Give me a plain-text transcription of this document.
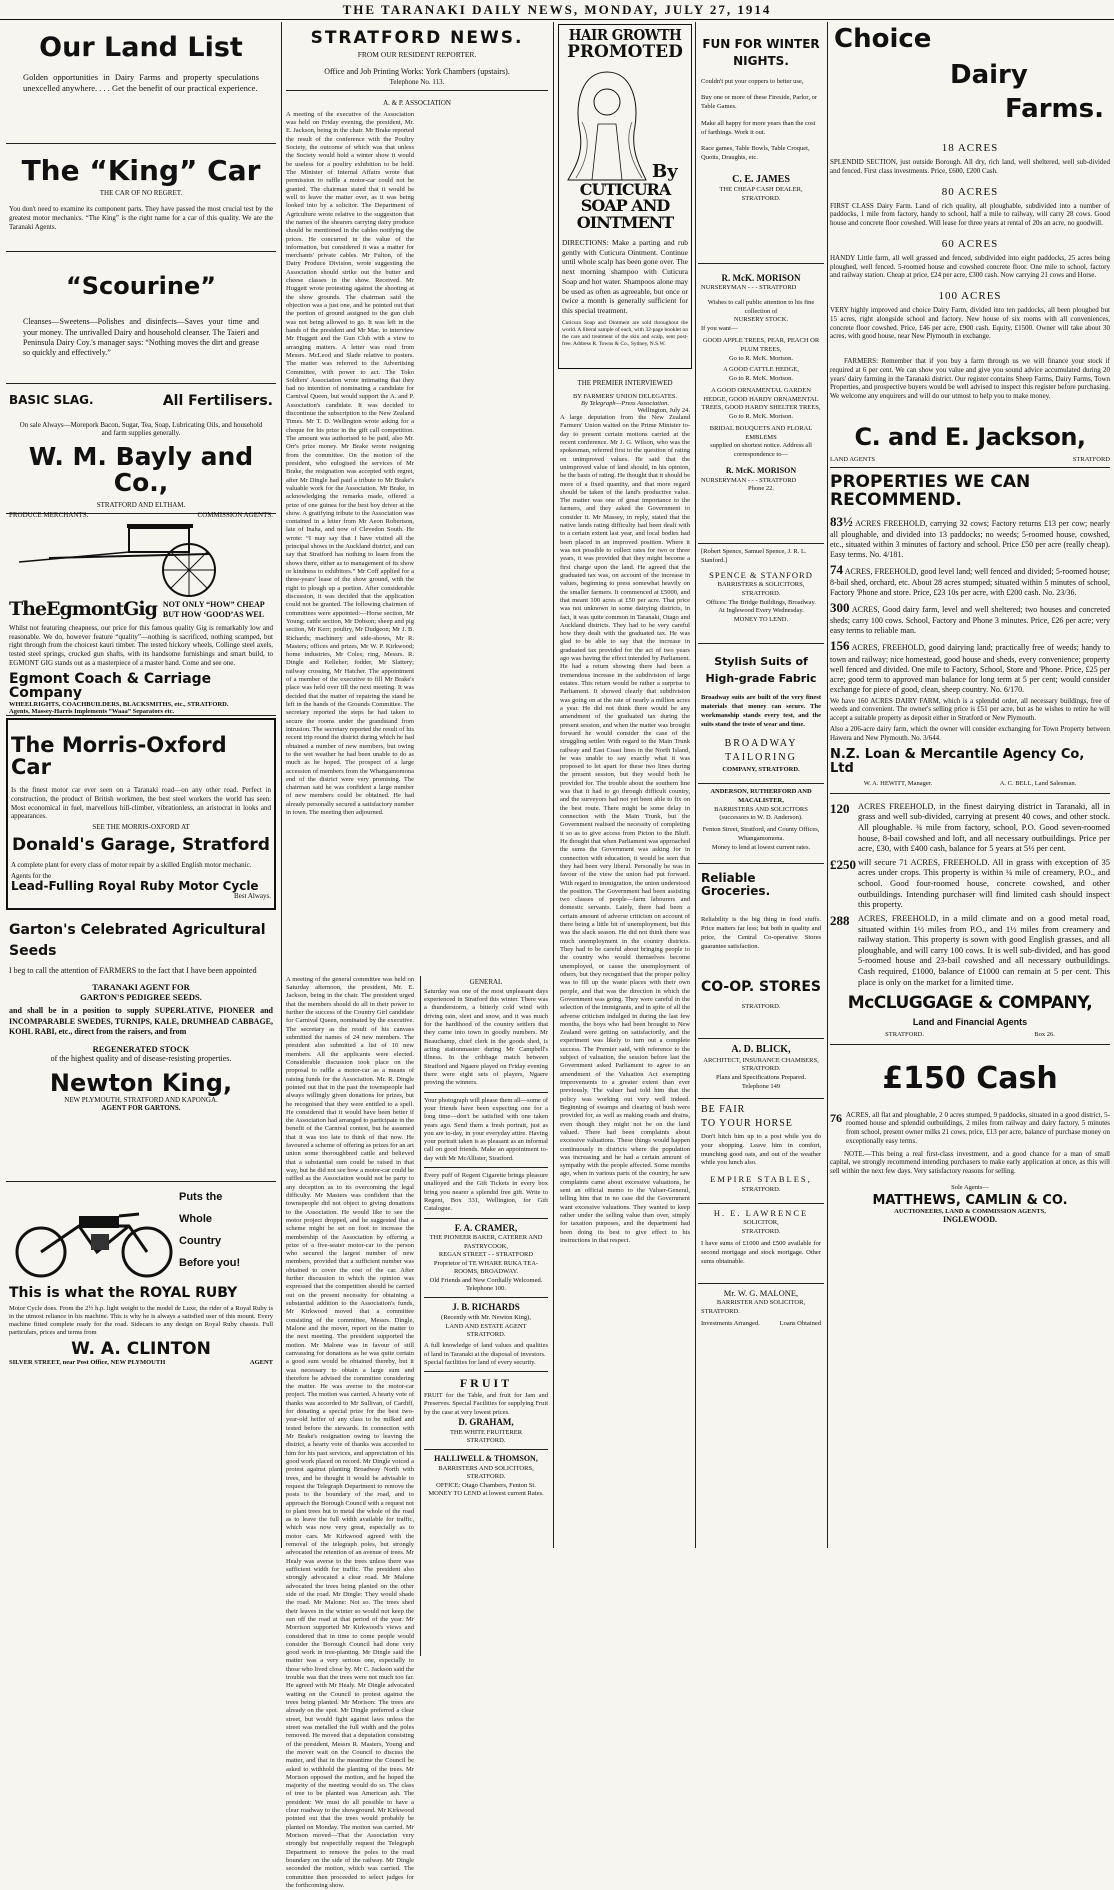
THE TARANAKI DAILY NEWS, MONDAY, JULY 27, 1914
Our Land List
Golden opportunities in Dairy Farms and property speculations unexcelled anywhere. . . . Get the benefit of our practical experience.
The “King” Car
THE CAR OF NO REGRET.
You don't need to examine its component parts. They have passed the most crucial test by the greatest motor mechanics. “The King” is the right name for a car of this quality. We are the Taranaki Agents.
“Scourine”
Cleanses—Sweetens—Polishes and disinfects—Saves your time and your money. The unrivalled Dairy and household cleanser. The Taieri and Peninsula Dairy Coy.'s manager says: “Nothing moves the dirt and grease so quickly and effectively.”
BASIC SLAG.	All Fertilisers.
On sale Always—Morepork Bacon, Sugar, Tea, Soap, Lubricating Oils, and household and farm supplies generally.
W. M. Bayly and Co.,
STRATFORD AND ELTHAM.
PRODUCE MERCHANTS.	COMMISSION AGENTS.
TheEgmontGig NOT ONLY “HOW” CHEAP
BUT HOW ‘GOOD’AS WEL
Whilst not featuring cheapness, our price for this famous quality Gig is remarkably low and reasonable. We do, however feature “quality”—nothing is sacrificed, nothing scamped, but right through from the choicest kauri timber. The tested hickory wheels, Collinge steel axels, tested steel springs, crucked gun shafts, with its handsome furnishings and smart build, to EGMONT GIG stands out as a masterpiece of a master hand. Come and see one.
Egmont Coach & Carriage Company
WHEELRIGHTS, COACHBUILDERS, BLACKSMITHS, etc., STRATFORD.
Agents, Massey-Harris Implements “Waaa” Separators etc.
The Morris-Oxford Car
Is the finest motor car ever seen on a Taranaki road—on any other road. Perfect in construction, the product of British workmen, the best steel workers the world has seen. Most economical in fuel, marvellous hill-climber, vibrationless, an aristocrat in looks and appearances.
SEE THE MORRIS-OXFORD AT
Donald's Garage, Stratford
A complete plant for every class of motor repair by a skilled English motor mechanic.
Agents for the
Lead-Fulling Royal Ruby Motor Cycle
Best Always.
Garton's Celebrated Agricultural Seeds
I beg to call the attention of FARMERS to the fact that I have been appointed
TARANAKI AGENT FOR
GARTON'S PEDIGREE SEEDS.
and shall be in a position to supply SUPERLATIVE, PIONEER and INCOMPARABLE SWEDES, TURNIPS, KALE, DRUMHEAD CABBAGE, KOHL RABI, etc., direct from the raisers, and from
REGENERATED STOCK
of the highest quality and of disease-resisting properties.
Newton King,
NEW PLYMOUTH, STRATFORD AND KAPONGA.
AGENT FOR GARTONS.
Puts the
Whole
Country
Before you!
This is what the ROYAL RUBY
Motor Cycle does. From the 2½ h.p. light weight to the model de Luxe, the rider of a Royal Ruby is in the utmost reliance in his machine. This is why he is always a satisfied user of this mount. Every machine fitted complete ready for the road. Sidecars to any design on Royal Ruby chassis. Full particulars, prices and terms from
W. A. CLINTON
SILVER STREET, near Post Office, NEW PLYMOUTH	AGENT
STRATFORD NEWS.
FROM OUR RESIDENT REPORTER.
Office and Job Printing Works: York Chambers (upstairs).
Telephone No. 113.
A. & P. ASSOCIATION
A meeting of the executive of the Association was held on Friday evening, the president, Mr. E. Jackson, being in the chair. Mr Brake reported the result of the conference with the Poultry Society, the outcome of which was that unless the Society would hold a winter show it would be useless for a poultry exhibition to be held. The Minister of Internal Affairs wrote that permission to raffle a motor-car could not be granted. The chairman stated that it would be well to leave the matter over, as it was being looked into by a solicitor. The Department of Agriculture wrote relative to the suggestion that the names of the shearers carrying dairy produce should be mentioned in the cables notifying the prices. He concurred in the value of the information, but considered it was a matter for merchants' private cables. Mr Fulton, of the Dairy Produce Division, wrote suggesting the Association should strike out the butter and cheese classes in the show. Received. Mr Huggett wrote protesting against the shooting at the show grounds. The chairman said the objection was a just one, and he pointed out that the portion of ground assigned to the gun club was not being allowed to go. It was left in the hands of the president and Mr Mac. to interview Mr Huggett and the Gun Club with a view to arranging matters. A letter was read from Messrs. McLeod and Slade relative to posters. The matter was referred to the Advertising Committee, with power to act. The Toko Soldiers' Association wrote intimating that they had no intention of nominating a candidate for Carnival Queen, but would support the A. and P. Association's candidate. It was decided to discontinue the subscription to the New Zealand Times. Mr T. D. Wellington wrote asking for a cheque for his prize in the gift call competition. The amount was authorised to be paid, also Mr. Orr's prize money. Mr Brake wrote resigning from the committee. On the motion of the president, who eulogised the services of Mr Brake, the resignation was accepted with regret, after Mr Dingle had paid a tribute to Mr Brake's valuable work for the Association. Mr Brake, in acknowledging the remarks made, offered a prize of one guinea for the best boy driver at the show. A gratifying tribute to the Association was contained in a letter from Mr Aeon Robertson, late of Inaha, and now of Clevedon South. He wrote: “I may say that I have visited all the principal shows in the Auckland district, and can say that Stratford has nothing to learn from the shows there, either as to management of its show or kindness to exhibitors.” Mr Coff applied for a three-years' lease of the show ground, with the right to plough up a portion. After considerable discussion, it was decided that the application could not be granted. The following chairmen of committees were appointed:—Horse section, Mr Young; cattle section, Mr Dobson; sheep and pig section, Mr Kerr; poultry, Mr Dudgeon; Mr J. B. Richards; machinery and side-shows, Mr R. Masters; offices and prizes, Mr W. P. Kirkwood; home industries, Mr Coles; ring, Messrs. R. Dingle and Kelleher; fodder, Mr Slattery; railway crossing, Mr Hatcher. The appointment of a member of the executive to fill Mr Brake's place was held over till the next meeting. It was decided that the matter of repairing the stand be left in the hands of the Grounds Committee. The secretary reported the steps he had taken to secure the rooms under the grandstand from intrusion. The secretary reported the result of his recent trip round the district during which he had obtained a number of new members, but owing to the wet weather he had been unable to do as much as he hoped. The prospect of a large accession of members from the Whangamomona end of the district were very promising. The chairman said he was confident a large number of new members could be obtained. He had already personally secured a satisfactory number in town. The meeting then adjourned.
A meeting of the general committee was held on Saturday afternoon, the president, Mr. E. Jackson, being in the chair. The president urged that the members should do all in their power to further the success of the Country Girl candidate for Carnival Queen, nominated by the executive. The secretary as the result of his canvass submitted the names of 24 new members. The president also submitted a list of 10 new members. All the applicants were elected. Considerable discussion took place on the proposal to raffle a motor-car as a means of raising funds for the Association. Mr. R. Dingle pointed out that in the past the townspeople had always willingly given donations for prizes, but he recognised that they were entitled to a spell. He considered that it would have been better if the Association had arranged to participate in the benefit of the Carnival contest, but he assumed that it was too late to think of that now. He favoured a scheme of offering as prizes for an art union some thoroughbred cattle and believed that a substantial sum could be raised in that way, but he did not see how a motor-car could be raffled as the Association would not be party to any deception as to its overcoming the legal difficulty. Mr Masters was confident that the townspeople did not object to giving donations to the Association. He would like to see the motor project dropped, and he suggested that a scheme might be set on foot to increase the membership of the Association by offering a prize of a five-seater motor-car to the person who secured the largest number of new members, provided that a sufficient number was obtained to cover the cost of the car. After further discussion in which the opinion was expressed that the competition should be carried out on the present necessity for obtaining a substantial addition to the Association's funds, Mr Kirkwood moved that a committee consisting of the committee, Messrs. Dingle, Malone and the mover, report on the matter to the next meeting. The president supported the motion. Mr Malone was in favour of still canvassing for donations as he was quite certain a good sum would be obtained thereby, but it was necessary to obtain a large sum and therefore he advised the committee considering the matter. He was averse to the motor-car project. The motion was carried. A hearty vote of thanks was accorded to Mr Sullivan, of Cardiff, for donating a special prize for the best two-year-old heifer of any class to be milked and tested before the stewards. In connection with Mr Brake's resignation owing to leaving the district, a hearty vote of thanks was accorded to him for his past services, and appreciation of his good work placed on record. Mr Dingle voiced a protest against planting Broadway North with trees, and he thought it would be advisable to request the Telegraph Department to remove the posts to the boundary of the road, and to approach the Borough Council with a request not to plant trees but to metal the whole of the road as to leave the full width available for traffic, which was now very great, especially as to motor cars. Mr Kirkwood agreed with the removal of the telegraph poles, but strongly advocated the retention of an avenue of trees. Mr Healy was averse to the trees unless there was sufficient width for traffic. The president also strongly advocated a clear road. Mr Malone advocated the trees being planted on the other side of the road. Mr Dingle: They would shade the road. Mr Malone: Not so. The trees shed their leaves in the winter so would not keep the sun off the road at that period of the year. Mr Morrison supported Mr Kirkwood's views and considered that in time to come people would consider the Borough Council had done very good work in tree-planting. Mr Dingle said the matter was a very serious one, especially to those who lived close by. Mr C. Jackson said the trouble was that the trees were not much too far. He agreed with Mr Healy. Mr Dingle advocated waiting on the Council to protest against the trees being planted. Mr Morison: The trees are already on the spot. Mr Dingle preferred a clear street, but would fight against laws unless the street was metalled the full width and the poles removed. He moved that a deputation consisting of the president, Messrs R. Masters, Young and the mover wait on the Council to discuss the matter, and that in the meantime the Council be asked to withhold the planting of the trees. Mr Morison opposed the motion, and he hoped the majority of the meeting would do so. The class of tree to be planted was American ash. The president: We must do all possible to have a clear roadway to the showground. Mr Kirkwood pointed out that the trees would probably be planted on Monday. The motion was carried. Mr Morison moved—That the Association very strongly but respectfully request the Telegraph Department to remove the poles to the road boundary on the side of the railway. Mr Dingle seconded the motion, which was carried. The committee then proceeded to select judges for the forthcoming show.
GENERAL
Saturday was one of the most unpleasant days experienced in Stratford this winter. There was a thunderstorm, a bitterly cold wind with driving rain, sleet and snow, and it was much for the hardihood of the country settlers that they came into town in goodly numbers. Mr Beauchamp, chief clerk in the goods shed, is acting stationmaster during Mr Campbell's illness. In the cribbage match between Stratford and Ngaere played on Friday evening there were eight sets of players, Ngaere proving the winners.
Your photograph will please them all—some of your friends have been expecting one for a long time—don't be satisfied with one taken years ago. Send them a fresh portrait, just as you are to-day, in your everyday attire. Having your portrait taken is as pleasant as an informal call on good friends. Make an appointment to-day with Mr McAllister, Stratford.
Every puff of Regent Cigarette brings pleasure unalloyed and the Gift Tickets in every box bring you nearer a splendid free gift. Write to Regent, Box 331, Wellington, for Gift Catalogue.
F. A. CRAMER,
THE PIONEER BAKER, CATERER AND PASTRYCOOK,
REGAN STREET - - STRATFORD
Proprietor of TE WHARE RUKA TEA-ROOMS, BROADWAY.
Old Friends and New Cordially Welcomed.
Telephone 100.
J. B. RICHARDS
(Recently with Mr. Newton King),
LAND AND ESTATE AGENT
STRATFORD.
A full knowledge of land values and qualities of land in Taranaki at the disposal of investors.
Special facilities for land of every security.
FRUIT
FRUIT for the Table, and fruit for Jam and Preserves. Special Facilities for supplying Fruit by the case at very lowest prices.
D. GRAHAM,
THE WHITE FRUITERER
STRATFORD.
HALLIWELL & THOMSON,
BARRISTERS AND SOLICITORS, STRATFORD.
OFFICE: Otago Chambers, Fenton St.
MONEY TO LEND at lowest current Rates.
HAIR GROWTH
PROMOTED
By
CUTICURA SOAP AND OINTMENT
DIRECTIONS: Make a parting and rub gently with Cuticura Ointment. Continue until whole scalp has been gone over. The next morning shampoo with Cuticura Soap and hot water. Shampoos alone may be used as often as agreeable, but once or twice a month is generally sufficient for this special treatment.
Cuticura Soap and Ointment are sold throughout the world. A liberal sample of each, with 32-page booklet on the care and treatment of the skin and scalp, sent post-free. Address R. Towns & Co., Sydney, N.S.W.
THE PREMIER INTERVIEWED
BY FARMERS' UNION DELEGATES.
By Telegraph—Press Association.
Wellington, July 24.
A large deputation from the New Zealand Farmers' Union waited on the Prime Minister to-day to present certain motions carried at the recent conference. Mr J. G. Wilson, who was the spokesman, referred first to the question of rating on unimproved values. He said that the unimproved value of land should, in his opinion, be the basis of rating. He thought that it should be more of a fixed quantity, and that more regard should be taken of the land's productive value. The matter was one of great importance to the farmers, and they asked the Government to consider it. Mr Massey, in reply, stated that the native lands rating difficulty had been dealt with to a certain extent last year, and local bodies had been placed in an improved position. Where it was not possible to collect rates for two or three years, it was provided that they might become a first charge upon the land. He agreed that the graduated tax was, on account of the increase in values, beginning to press somewhat heavily on the smaller farmers. It commenced at £5000, and that meant 100 acres at £50 per acre. That price was not unknown in some dairying districts, in fact, it was quite common in Taranaki, Otago and Auckland districts. They had to be very careful how they dealt with the graduated tax. He was glad to be able to say that the increase in graduated tax provided for the act of two years ago was having the effect intended by Parliament. He had a return showing there had been a tremendous increase in the subdivision of large estates. This return would be rather a surprise to Parliament. It showed clearly that subdivision was going on at the rate of nearly a million acres a year. He did not think there would be any amendment of the graduated tax during the present session, and when the matter was brought forward he would consider the case of the struggling settler. With regard to the Main Trunk railway and East Coast lines in the North Island, he was unable to say exactly what it was proposed to let apart for these two lines during the present session, but they would both be provided for. The trouble about the southern line was that it had to go through difficult country, and the surveyors had not yet been able to fix on the best route. There might be some delay in connection with the Main Trunk, but the Government realised the necessity of completing it so as to give access from Picton to the Bluff. He thought that when Parliament was approached the sums the Government was asking for in connection with education, it would be seen that they had been very liberal. Personally he was in favour of the view the union had put forward. With regard to immigration, the union understood the position. The Government had been assisting two classes of people—farm labourers and domestic servants. Lately, there had been a certain amount of adverse criticism on account of there being a little bit of unemployment, but this was the slack season. He did not think there was much unemployment in the country districts. They had to be careful about bringing people to the country who would themselves become unemployed, or cause the unemployment of others, but they recognised that the proper policy was to fill up the waste places with their own people, and that was the direction in which the Government was going. They were careful in the selection of the immigrants, and in spite of all the adverse criticism indulged in during the last few months, the boys who had been brought to New Zealand were getting on satisfactorily, and the experiment was likely to turn out a complete success. The Premier said, with reference to the subject of valuation, the session before last the Government asked Parliament to agree to an amendment of the Valuation Act exempting improvements to a greater extent than ever previously. The valuer had told him that the policy was working out very well indeed. Beginning of swamps and clearing of bush were provided for, as well as making roads and drains, even though they might not be on the land valued. There had been complaints about excessive valuations. These things would happen continuously in districts where the population was increasing and he had a certain amount of sympathy with the people affected. Some months ago, when in various parts of the country, he saw complaints came about excessive valuations, he sent an official memo to the Valuer-General, telling him that in no case did the Government want excessive valuations. They wanted to keep rather under the selling value than over, simply for taxation purposes, and the department had been doing its best to give effect to his instructions in that respect.
FUN FOR WINTER NIGHTS.
Couldn't put your coppers to better use,
Buy one or more of these Fireside, Parlor, or Table Games.
Make all happy for more years than the cost of farthings. Work it out.
Race games, Table Bowls, Table Croquet, Quoits, Draughts, etc.
C. E. JAMES
THE CHEAP CASH DEALER, STRATFORD.
R. McK. MORISON
NURSERYMAN - - - STRATFORD
Wishes to call public attention to his fine collection of
NURSERY STOCK.
If you want—
GOOD APPLE TREES, PEAR, PEACH OR PLUM TREES,
Go to R. McK. Morison.
A GOOD CATTLE HEDGE,
Go to R. McK. Morison.
A GOOD ORNAMENTAL GARDEN HEDGE, GOOD HARDY ORNAMENTAL TREES, GOOD HARDY SHELTER TREES,
Go to R. McK. Morison.
BRIDAL BOUQUETS AND FLORAL EMBLEMS
supplied on shortest notice. Address all correspondence to—
R. McK. MORISON
NURSERYMAN - - - STRATFORD
Phone 22.
[Robert Spence, Samuel Spence, J. R. L. Stanford.]
SPENCE & STANFORD
BARRISTERS & SOLICITORS, STRATFORD.
Offices: The Bridge Buildings, Broadway.
At Inglewood Every Wednesday.
MONEY TO LEND.
Stylish Suits of High-grade Fabric
Broadway suits are built of the very finest materials that money can secure. The workmanship stands every test, and the suits stand the teste of wear and time.
BROADWAY TAILORING
COMPANY, STRATFORD.
ANDERSON, RUTHERFORD AND MACALISTER,
BARRISTERS AND SOLICITORS (successors to W. D. Anderson).
Fenton Street, Stratford, and County Offices, Whangamomona.
Money to lend at lowest current rates.
Reliable Groceries.
Reliability is the big thing in food stuffs. Price matters far less; but both in quality and price, the Central Co-operative Stores guarantee satisfaction.
CO-OP. STORES
STRATFORD.
A. D. BLICK,
ARCHITECT, INSURANCE CHAMBERS, STRATFORD.
Plans and Specifications Prepared.
Telephone 149
BE FAIR
TO YOUR HORSE
Don't hitch him up to a post while you do your shopping. Leave him in comfort, munching good oats, and out of the weather while you lunch also.
EMPIRE STABLES,
STRATFORD.
H. E. LAWRENCE
SOLICITOR,
STRATFORD.
I have sums of £1000 and £500 available for second mortgage and stock mortgage. Other sums obtainable.
Mr. W. G. MALONE,
BARRISTER AND SOLICITOR,
STRATFORD.
Investments Arranged.	Loans Obtained
Choice
Dairy
Farms.
18 ACRES
SPLENDID SECTION, just outside Borough. All dry, rich land, well sheltered, well sub-divided and fenced. First class investments. Price, £600, £200 Cash.
80 ACRES
FIRST CLASS Dairy Farm. Land of rich quality, all ploughable, subdivided into a number of paddocks, 1 mile from factory, handy to school, half a mile to railway, will carry 28 cows. Good house and concrete floor cowshed. Will lease for three years at rental of 20s an acre, no goodwill.
60 ACRES
HANDY Little farm, all well grassed and fenced, subdivided into eight paddocks, 25 acres being ploughed, well fenced. 5-roomed house and cowshed concrete floor. One mile to school, factory and railway station. Cheap at price, £24 per acre, £300 cash. Now carrying 21 cows and Horse.
100 ACRES
VERY highly improved and choice Dairy Farm, divided into ten paddocks, all been ploughed but 15 acres, right alongside school and factory. New house of six rooms with all conveniences, concrete floor cowshed. Price, £46 per acre, £900 cash. Equity, £1500. Owner will take about 30 acres, with good house, near New Plymouth in exchange.
FARMERS: Remember that if you buy a farm through us we will finance your stock if required at 6 per cent. We can show you value and give you sound advice accumulated during 20 years' dairy farming in the Taranaki district. Our register contains Sheep Farms, Dairy Farms, Town Properties, and prospective buyers would be well advised to inspect this register before purchasing. We welcome any enquirers and will do our utmost to help you to make money.
C. and E. Jackson,
LAND AGENTS	STRATFORD
PROPERTIES WE CAN RECOMMEND.
83½ ACRES FREEHOLD, carrying 32 cows; Factory returns £13 per cow; nearly all ploughable, and divided into 13 paddocks; no weeds; 5-roomed house, cowshed, etc., situated within 3 minutes of factory and school. Price £50 per acre (really cheap). Easy terms. No. 4/181.
74 ACRES, FREEHOLD, good level land; well fenced and divided; 5-roomed house; 8-bail shed, orchard, etc. About 28 acres stumped; situated within 5 minutes of school, Factory 'Phone and store. Price, £23 10s per acre, with £200 cash. No. 23/36.
300 ACRES, Good dairy farm, level and well sheltered; two houses and concreted sheds; carry 100 cows. School, Factory and Phone 3 minutes. Price, £26 per acre; very easy terms to reliable man.
156 ACRES, FREEHOLD, good dairying land; practically free of weeds; handy to town and railway; nice homestead, good house and sheds, every convenience; property well fenced and divided. One mile to Factory, School, Store and 'Phone. Price, £25 per acre; good term to approved man balance for long term at 5 per cent; would consider exchange for piece of good, clean, sheep country. No. 6/170.
We have 160 ACRES DAIRY FARM, which is a splendid order, all necessary buildings, free of weeds and convenient. The owner's selling price is £51 per acre, but as he wishes to retire he will accept a suitable property as deposit either in Stratford or New Plymouth.
Also a 206-acre dairy farm, which the owner will consider exchanging for Town Property between Hawera and New Plymouth. No. 3/644.
N.Z. Loan & Mercantile Agency Co, Ltd
W. A. HEWITT, Manager.	A. C. BELL, Land Salesman.
120	ACRES FREEHOLD, in the finest dairying district in Taranaki, all in grass and well sub-divided, carrying at present 40 cows, and other stock. All ploughable. ¾ mile from factory, school, P.O. Good seven-roomed house, 8-bail cowshed and loft, and all necessary outbuildings. Price per acre, £30, with £400 cash, balance for 5 years at 5½ per cent.
£250 will secure 71 ACRES, FREEHOLD. All in grass with exception of 35 acres under crops. This property is within ¼ mile of creamery, P.O., and school. Good four-roomed house, concrete cowshed, and other outbuildings. Intending purchaser will find limited cash should inspect this property.
288	ACRES, FREEHOLD, in a mild climate and on a good metal road, situated within 1½ miles from P.O., and 1½ miles from creamery and railway station. This property is sown with good English grasses, and all ploughable, and will carry 100 cows. It is well sub-divided, and has good 5-roomed house and 23-bail cowshed and all necessary outbuildings. Cash required, £1000, balance of £1000 can remain at 5 per cent. This place is only on the market for a limited time.
McCLUGGAGE & COMPANY,
Land and Financial Agents
STRATFORD.	Box 26.
£150 Cash
76 ACRES, all flat and ploughable, 2 0 acres stumped, 9 paddocks, situated in a good district, 5-roomed house and splendid outbuildings, 2 miles from railway and dairy factory, 5 minutes from school, present owner milks 21 cows, price, £13 per acre, balance of purchase money on exceptionally easy terms.
NOTE.—This being a real first-class investment, and a good chance for a man of small capital, we strongly recommend intending purchasers to make early application at once, as this will sell within the next few days. Very satisfactory reasons for selling.
Sole Agents—
MATTHEWS, CAMLIN & CO.
AUCTIONEERS, LAND & COMMISSION AGENTS,
INGLEWOOD.
